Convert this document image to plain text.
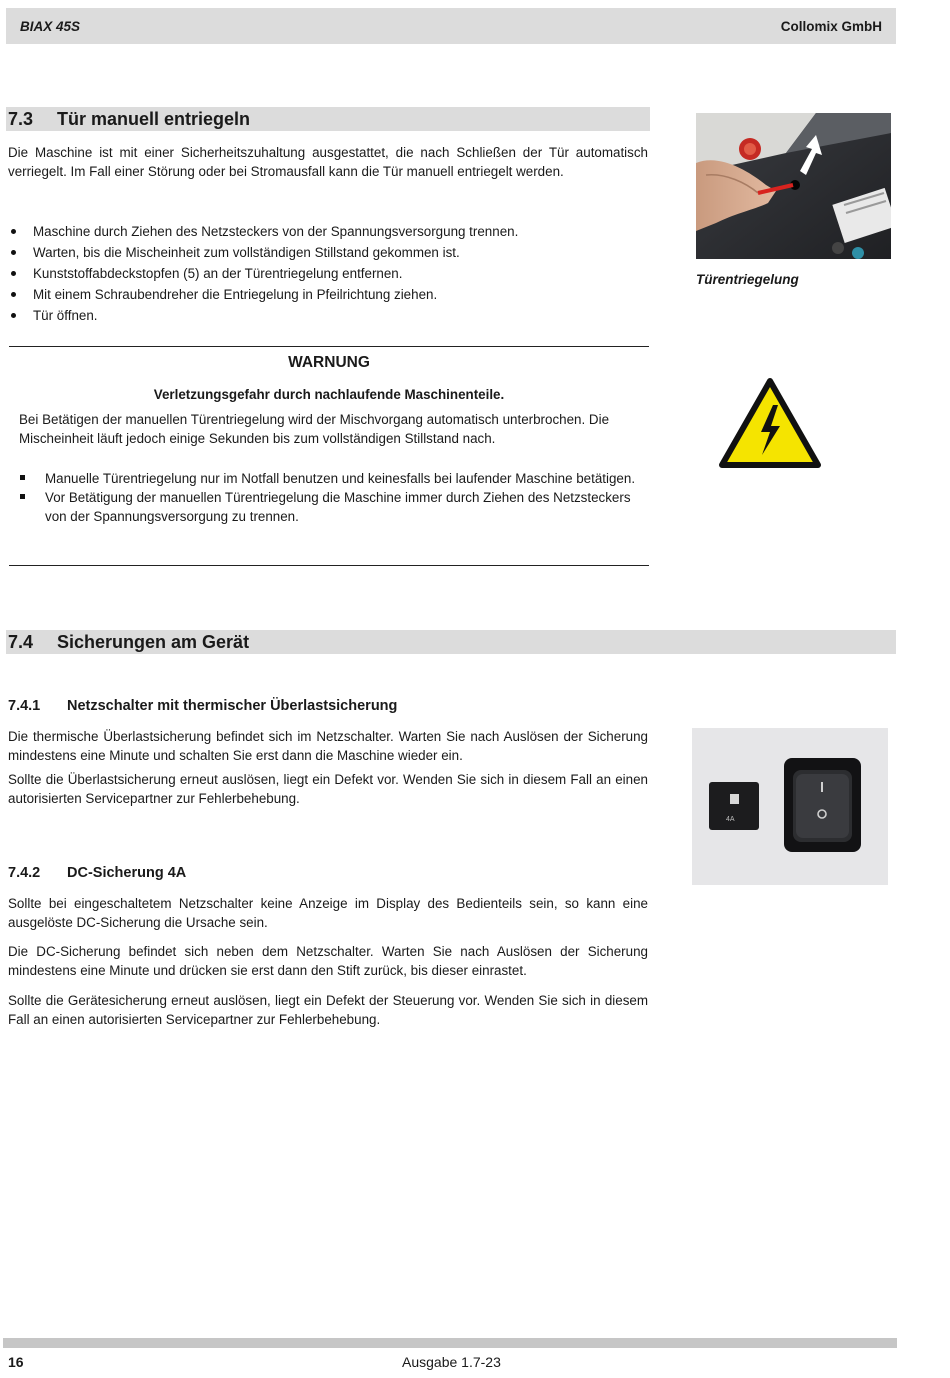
BIAX 45S	Collomix GmbH
7.3 Tür manuell entriegeln
Die Maschine ist mit einer Sicherheitszuhaltung ausgestattet, die nach Schließen der Tür automatisch verriegelt. Im Fall einer Störung oder bei Stromausfall kann die Tür manuell entriegelt werden.
Maschine durch Ziehen des Netzsteckers von der Spannungsversorgung trennen.
Warten, bis die Mischeinheit zum vollständigen Stillstand gekommen ist.
Kunststoffabdeckstopfen (5) an der Türentriegelung entfernen.
Mit einem Schraubendreher die Entriegelung in Pfeilrichtung ziehen.
Tür öffnen.
Türentriegelung
WARNUNG
Verletzungsgefahr durch nachlaufende Maschinenteile.
Bei Betätigen der manuellen Türentriegelung wird der Mischvorgang automatisch unterbrochen. Die Mischeinheit läuft jedoch einige Sekunden bis zum vollständigen Stillstand nach.
Manuelle Türentriegelung nur im Notfall benutzen und keinesfalls bei laufender Maschine betätigen.
Vor Betätigung der manuellen Türentriegelung die Maschine immer durch Ziehen des Netzsteckers von der Spannungsversorgung zu trennen.
7.4 Sicherungen am Gerät
7.4.1 Netzschalter mit thermischer Überlastsicherung
Die thermische Überlastsicherung befindet sich im Netzschalter. Warten Sie nach Auslösen der Sicherung mindestens eine Minute und schalten Sie erst dann die Maschine wieder ein.
Sollte die Überlastsicherung erneut auslösen, liegt ein Defekt vor. Wenden Sie sich in diesem Fall an einen autorisierten Servicepartner zur Fehlerbehebung.
4A
7.4.2 DC-Sicherung 4A
Sollte bei eingeschaltetem Netzschalter keine Anzeige im Display des Bedienteils sein, so kann eine ausgelöste DC-Sicherung die Ursache sein.
Die DC-Sicherung befindet sich neben dem Netzschalter. Warten Sie nach Auslösen der Sicherung mindestens eine Minute und drücken sie erst dann den Stift zurück, bis dieser einrastet.
Sollte die Gerätesicherung erneut auslösen, liegt ein Defekt der Steuerung vor. Wenden Sie sich in diesem Fall an einen autorisierten Servicepartner zur Fehlerbehebung.
16	Ausgabe 1.7-23
